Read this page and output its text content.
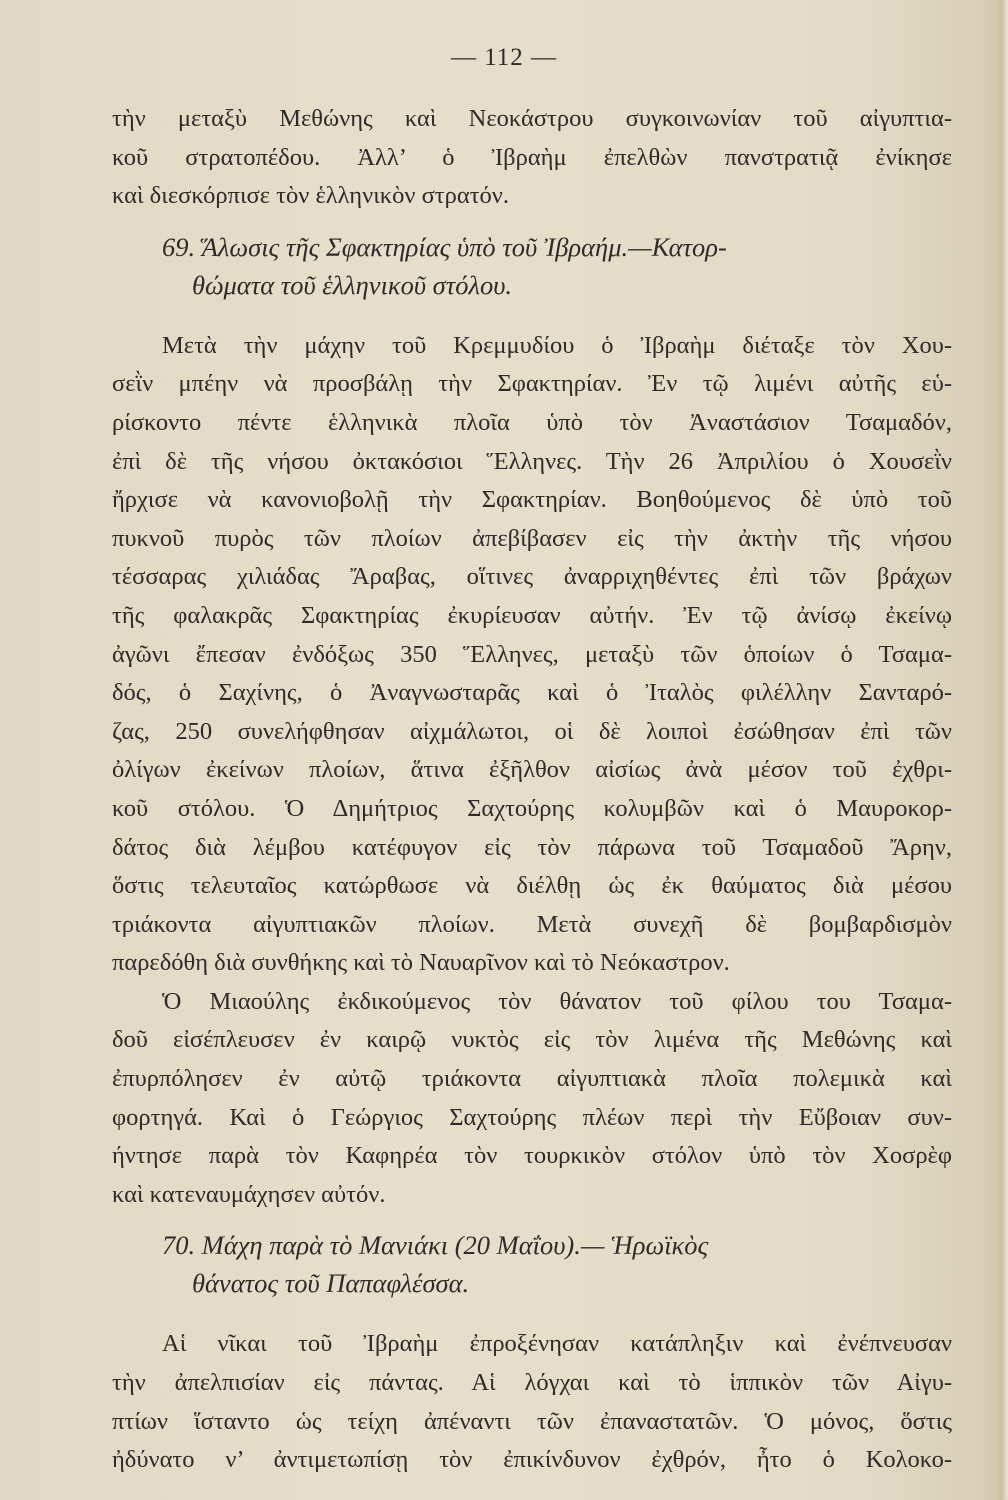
— 112 —
τὴν μεταξὺ Μεθώνης καὶ Νεοκάστρου συγκοινωνίαν τοῦ αἰγυπτια-
κοῦ στρατοπέδου. Ἀλλ’ ὁ Ἰβραὴμ ἐπελθὼν πανστρατιᾷ ἐνίκησε
καὶ διεσκόρπισε τὸν ἑλληνικὸν στρατόν.
69. Ἅλωσις τῆς Σφακτηρίας ὑπὸ τοῦ Ἰβραήμ.—Κατορ-
θώματα τοῦ ἑλληνικοῦ στόλου.
Μετὰ τὴν μάχην τοῦ Κρεμμυδίου ὁ Ἰβραὴμ διέταξε τὸν Χου-
σεῒν μπέην νὰ προσβάλῃ τὴν Σφακτηρίαν. Ἐν τῷ λιμένι αὐτῆς εὑ-
ρίσκοντο πέντε ἑλληνικὰ πλοῖα ὑπὸ τὸν Ἀναστάσιον Τσαμαδόν,
ἐπὶ δὲ τῆς νήσου ὀκτακόσιοι Ἕλληνες. Τὴν 26 Ἀπριλίου ὁ Χουσεῒν
ἤρχισε νὰ κανονιοβολῇ τὴν Σφακτηρίαν. Βοηθούμενος δὲ ὑπὸ τοῦ
πυκνοῦ πυρὸς τῶν πλοίων ἀπεβίβασεν εἰς τὴν ἀκτὴν τῆς νήσου
τέσσαρας χιλιάδας Ἄραβας, οἵτινες ἀναρριχηθέντες ἐπὶ τῶν βράχων
τῆς φαλακρᾶς Σφακτηρίας ἐκυρίευσαν αὐτήν. Ἐν τῷ ἀνίσῳ ἐκείνῳ
ἀγῶνι ἔπεσαν ἐνδόξως 350 Ἕλληνες, μεταξὺ τῶν ὁποίων ὁ Τσαμα-
δός, ὁ Σαχίνης, ὁ Ἀναγνωσταρᾶς καὶ ὁ Ἰταλὸς φιλέλλην Σανταρό-
ζας, 250 συνελήφθησαν αἰχμάλωτοι, οἱ δὲ λοιποὶ ἐσώθησαν ἐπὶ τῶν
ὀλίγων ἐκείνων πλοίων, ἅτινα ἐξῆλθον αἰσίως ἀνὰ μέσον τοῦ ἐχθρι-
κοῦ στόλου. Ὁ Δημήτριος Σαχτούρης κολυμβῶν καὶ ὁ Μαυροκορ-
δάτος διὰ λέμβου κατέφυγον εἰς τὸν πάρωνα τοῦ Τσαμαδοῦ Ἄρην,
ὅστις τελευταῖος κατώρθωσε νὰ διέλθῃ ὡς ἐκ θαύματος διὰ μέσου
τριάκοντα αἰγυπτιακῶν πλοίων. Μετὰ συνεχῆ δὲ βομβαρδισμὸν
παρεδόθη διὰ συνθήκης καὶ τὸ Ναυαρῖνον καὶ τὸ Νεόκαστρον.
Ὁ Μιαούλης ἐκδικούμενος τὸν θάνατον τοῦ φίλου του Τσαμα-
δοῦ εἰσέπλευσεν ἐν καιρῷ νυκτὸς εἰς τὸν λιμένα τῆς Μεθώνης καὶ
ἐπυρπόλησεν ἐν αὐτῷ τριάκοντα αἰγυπτιακὰ πλοῖα πολεμικὰ καὶ
φορτηγά. Καὶ ὁ Γεώργιος Σαχτούρης πλέων περὶ τὴν Εὔβοιαν συν-
ήντησε παρὰ τὸν Καφηρέα τὸν τουρκικὸν στόλον ὑπὸ τὸν Χοσρὲφ
καὶ κατεναυμάχησεν αὐτόν.
70. Μάχη παρὰ τὸ Μανιάκι (20 Μαΐου).— Ἡρωϊκὸς
θάνατος τοῦ Παπαφλέσσα.
Αἱ νῖκαι τοῦ Ἰβραὴμ ἐπροξένησαν κατάπληξιν καὶ ἐνέπνευσαν
τὴν ἀπελπισίαν εἰς πάντας. Αἱ λόγχαι καὶ τὸ ἱππικὸν τῶν Αἰγυ-
πτίων ἵσταντο ὡς τείχη ἀπέναντι τῶν ἐπαναστατῶν. Ὁ μόνος, ὅστις
ἠδύνατο ν’ ἀντιμετωπίσῃ τὸν ἐπικίνδυνον ἐχθρόν, ἦτο ὁ Κολοκο-
